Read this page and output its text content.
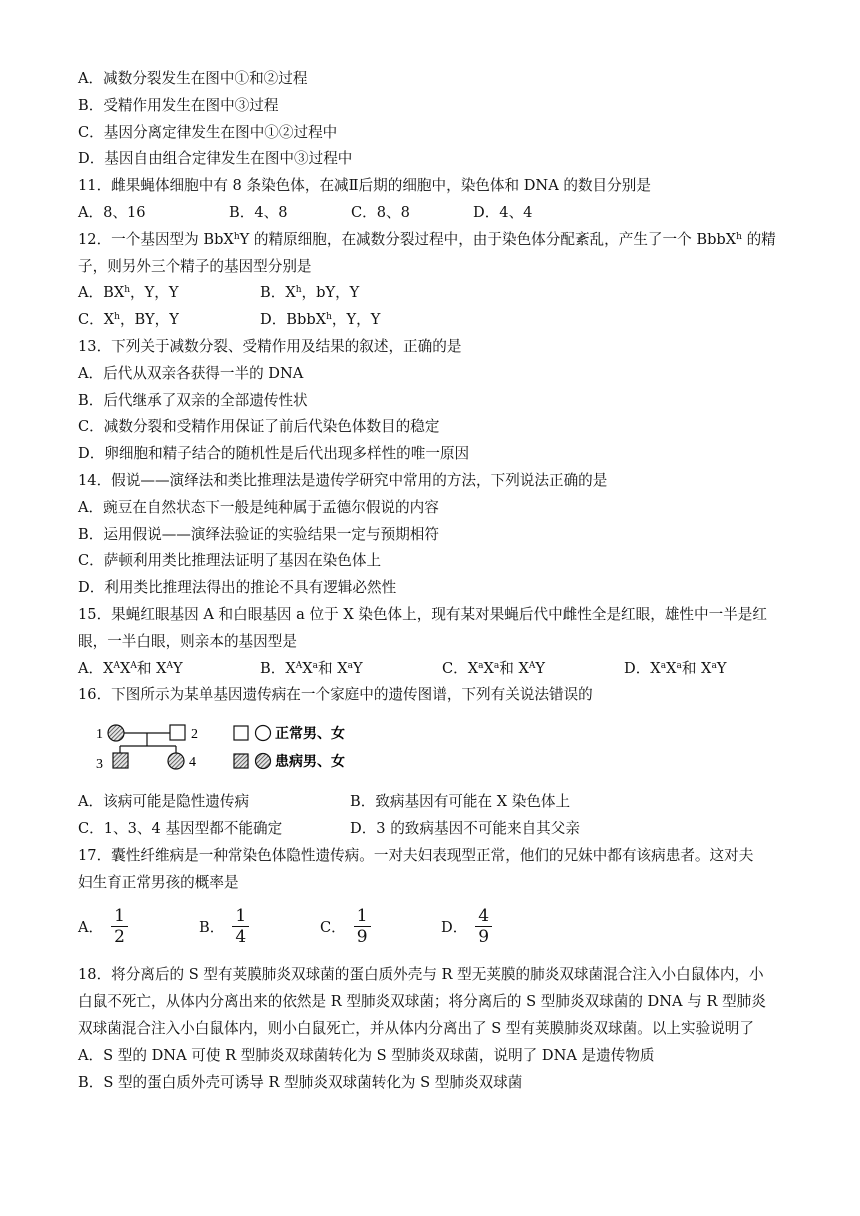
A．减数分裂发生在图中①和②过程
B．受精作用发生在图中③过程
C．基因分离定律发生在图中①②过程中
D．基因自由组合定律发生在图中③过程中
11．雌果蝇体细胞中有 8 条染色体，在减Ⅱ后期的细胞中，染色体和 DNA 的数目分别是
A．8、16	B．4、8	C．8、8	D．4、4
12．一个基因型为 BbX$^h$Y 的精原细胞，在减数分裂过程中，由于染色体分配紊乱，产生了一个 BbbX$^h$ 的精
子，则另外三个精子的基因型分别是
A．$BX^h$，Y，Y	B．$X^h$，bY，Y
C．$X^h$，BY，Y	D．BbbX$^h$，Y，Y
13．下列关于减数分裂、受精作用及结果的叙述，正确的是
A．后代从双亲各获得一半的 DNA
B．后代继承了双亲的全部遗传性状
C．减数分裂和受精作用保证了前后代染色体数目的稳定
D．卵细胞和精子结合的随机性是后代出现多样性的唯一原因
14．假说——演绎法和类比推理法是遗传学研究中常用的方法，下列说法正确的是
A．豌豆在自然状态下一般是纯种属于孟德尔假说的内容
B．运用假说——演绎法验证的实验结果一定与预期相符
C．萨顿利用类比推理法证明了基因在染色体上
D．利用类比推理法得出的推论不具有逻辑必然性
15．果蝇红眼基因 A 和白眼基因 a 位于 X 染色体上，现有某对果蝇后代中雌性全是红眼，雄性中一半是红
眼，一半白眼，则亲本的基因型是
A．$X^AX^A$和 $X^AY$	B．$X^AX^a$和 $X^aY$	C．$X^aX^a$和 $X^AY$	D．$X^aX^a$和 $X^aY$
16．下图所示为某单基因遗传病在一个家庭中的遗传图谱，下列有关说法错误的
1	2
3	4
正常男、女
患病男、女
A．该病可能是隐性遗传病	B．致病基因有可能在 X 染色体上
C．1、3、4 基因型都不能确定	D．3 的致病基因不可能来自其父亲
17．囊性纤维病是一种常染色体隐性遗传病。一对夫妇表现型正常，他们的兄妹中都有该病患者。这对夫
妇生育正常男孩的概率是
A． $\frac{1}{2}$	B． $\frac{1}{4}$	C． $\frac{1}{9}$	D． $\frac{4}{9}$
18．将分离后的 S 型有荚膜肺炎双球菌的蛋白质外壳与 R 型无荚膜的肺炎双球菌混合注入小白鼠体内，小
白鼠不死亡，从体内分离出来的依然是 R 型肺炎双球菌；将分离后的 S 型肺炎双球菌的 DNA 与 R 型肺炎
双球菌混合注入小白鼠体内，则小白鼠死亡，并从体内分离出了 S 型有荚膜肺炎双球菌。以上实验说明了
A．S 型的 DNA 可使 R 型肺炎双球菌转化为 S 型肺炎双球菌，说明了 DNA 是遗传物质
B．S 型的蛋白质外壳可诱导 R 型肺炎双球菌转化为 S 型肺炎双球菌
